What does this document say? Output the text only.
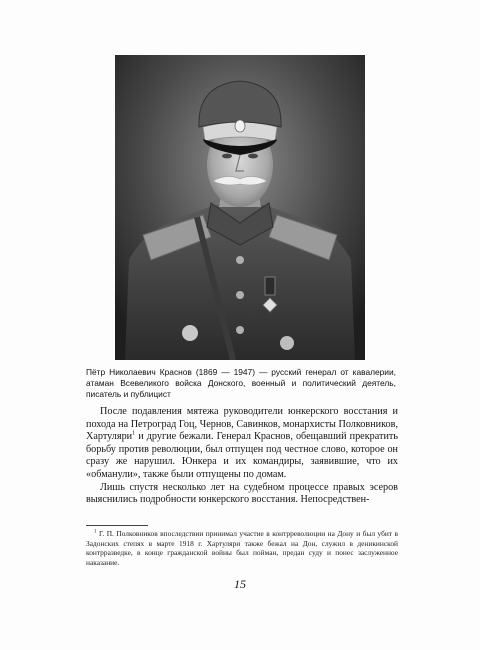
Пётр Николаевич Краснов (1869 — 1947) — русский генерал от кавалерии, атаман Всевеликого войска Донского, военный и политический деятель, писатель и публицист

После подавления мятежа руководители юнкерского восстания и похода на Петроград Гоц, Чернов, Савинков, монархисты Полковников, Хартуляри$^1$ и другие бежали. Генерал Краснов, обещавший прекратить борьбу против революции, был отпущен под честное слово, которое он сразу же нарушил. Юнкера и их командиры, заявившие, что их «обманули», также были отпущены по домам.

Лишь спустя несколько лет на судебном процессе правых эсеров выяснились подробности юнкерского восстания. Непосредствен-

$^1$ Г. П. Полковников впоследствии принимал участие в контрреволюции на Дону и был убит в Задонских степях в марте 1918 г. Хартуляри также бежал на Дон, служил в деникинской контрразведке, в конце гражданской войны был пойман, предан суду и понес заслуженное наказание.

15
